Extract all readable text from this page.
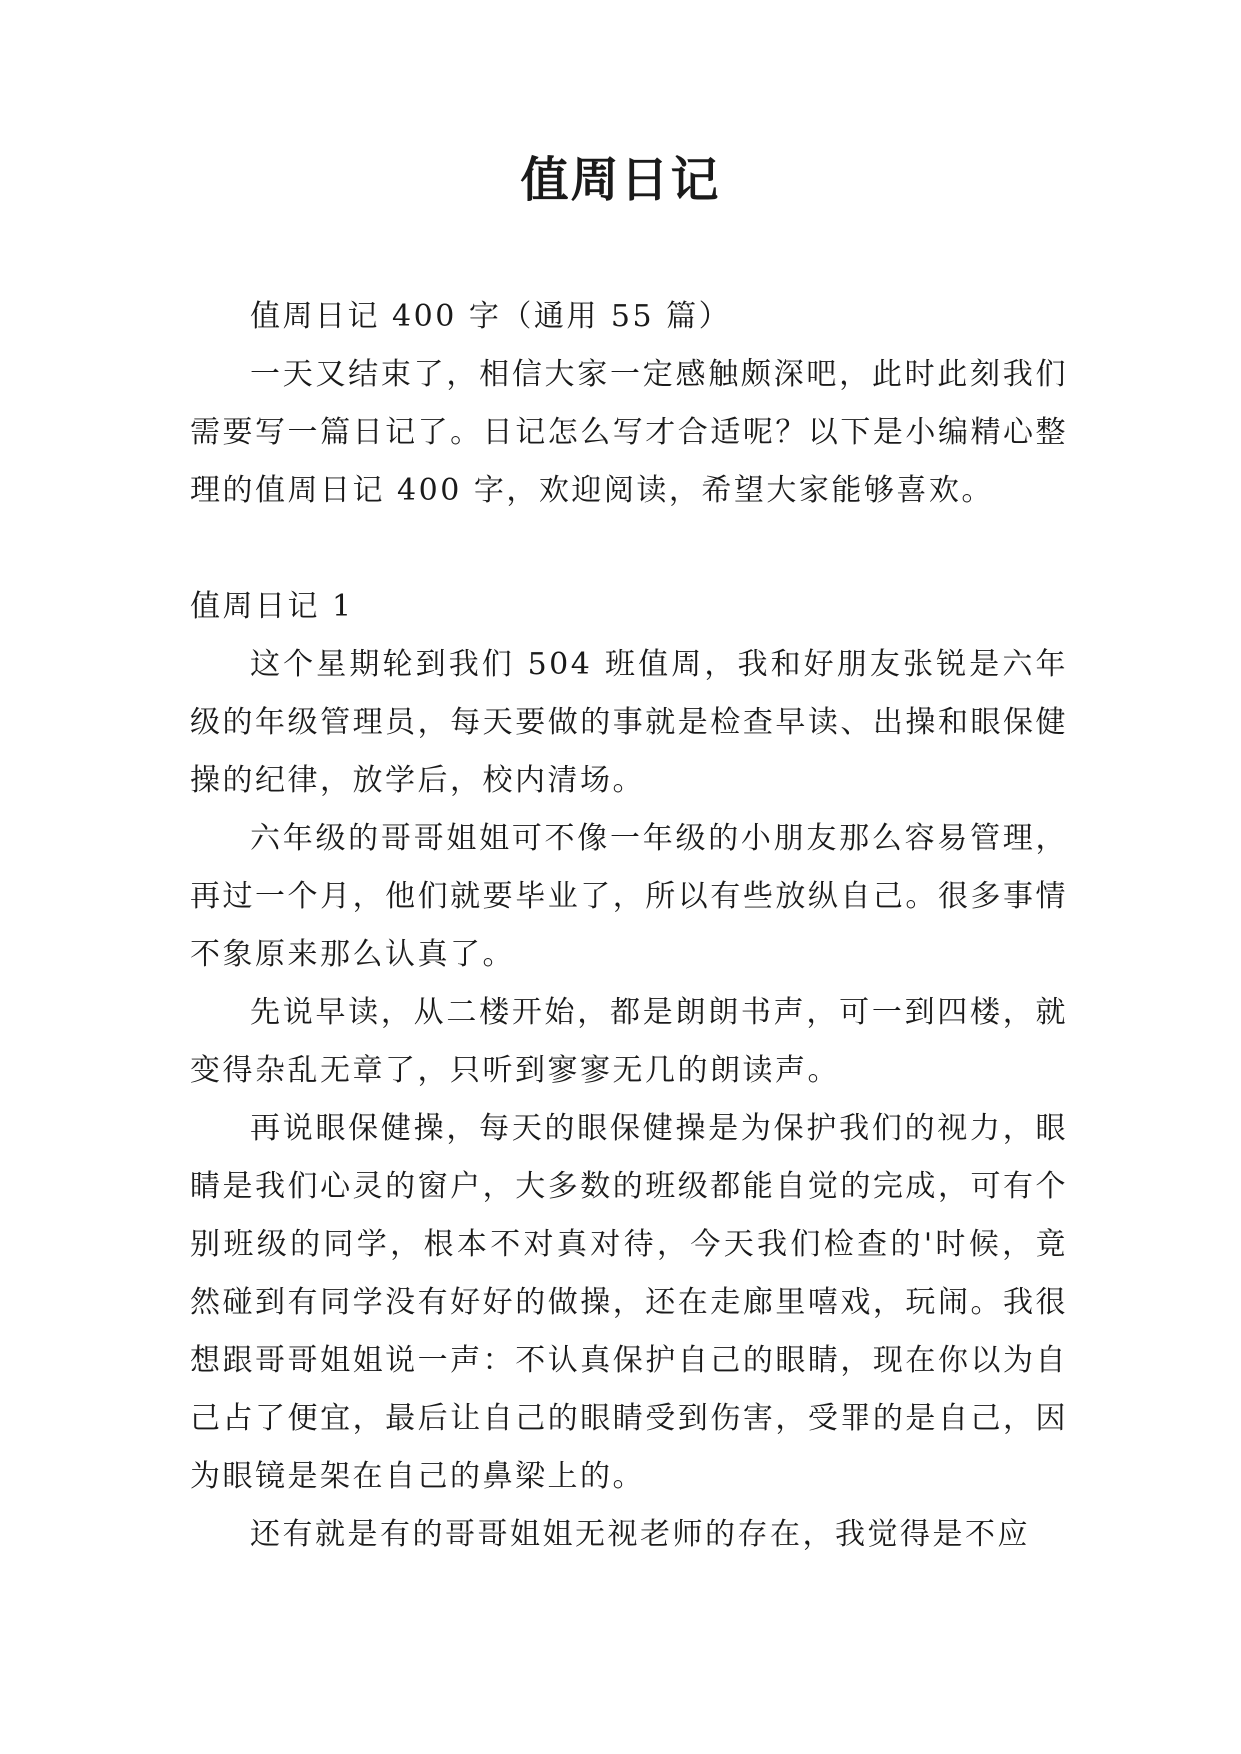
值周日记

值周日记 400 字（通用 55 篇）

一天又结束了，相信大家一定感触颇深吧，此时此刻我们需要写一篇日记了。日记怎么写才合适呢？以下是小编精心整理的值周日记 400 字，欢迎阅读，希望大家能够喜欢。

值周日记 1

这个星期轮到我们 504 班值周，我和好朋友张锐是六年级的年级管理员，每天要做的事就是检查早读、出操和眼保健操的纪律，放学后，校内清场。

六年级的哥哥姐姐可不像一年级的小朋友那么容易管理，再过一个月，他们就要毕业了，所以有些放纵自己。很多事情不象原来那么认真了。

先说早读，从二楼开始，都是朗朗书声，可一到四楼，就变得杂乱无章了，只听到寥寥无几的朗读声。

再说眼保健操，每天的眼保健操是为保护我们的视力，眼睛是我们心灵的窗户，大多数的班级都能自觉的完成，可有个别班级的同学，根本不对真对待，今天我们检查的'时候，竟然碰到有同学没有好好的做操，还在走廊里嘻戏，玩闹。我很想跟哥哥姐姐说一声：不认真保护自己的眼睛，现在你以为自己占了便宜，最后让自己的眼睛受到伤害，受罪的是自己，因为眼镜是架在自己的鼻梁上的。

还有就是有的哥哥姐姐无视老师的存在，我觉得是不应
